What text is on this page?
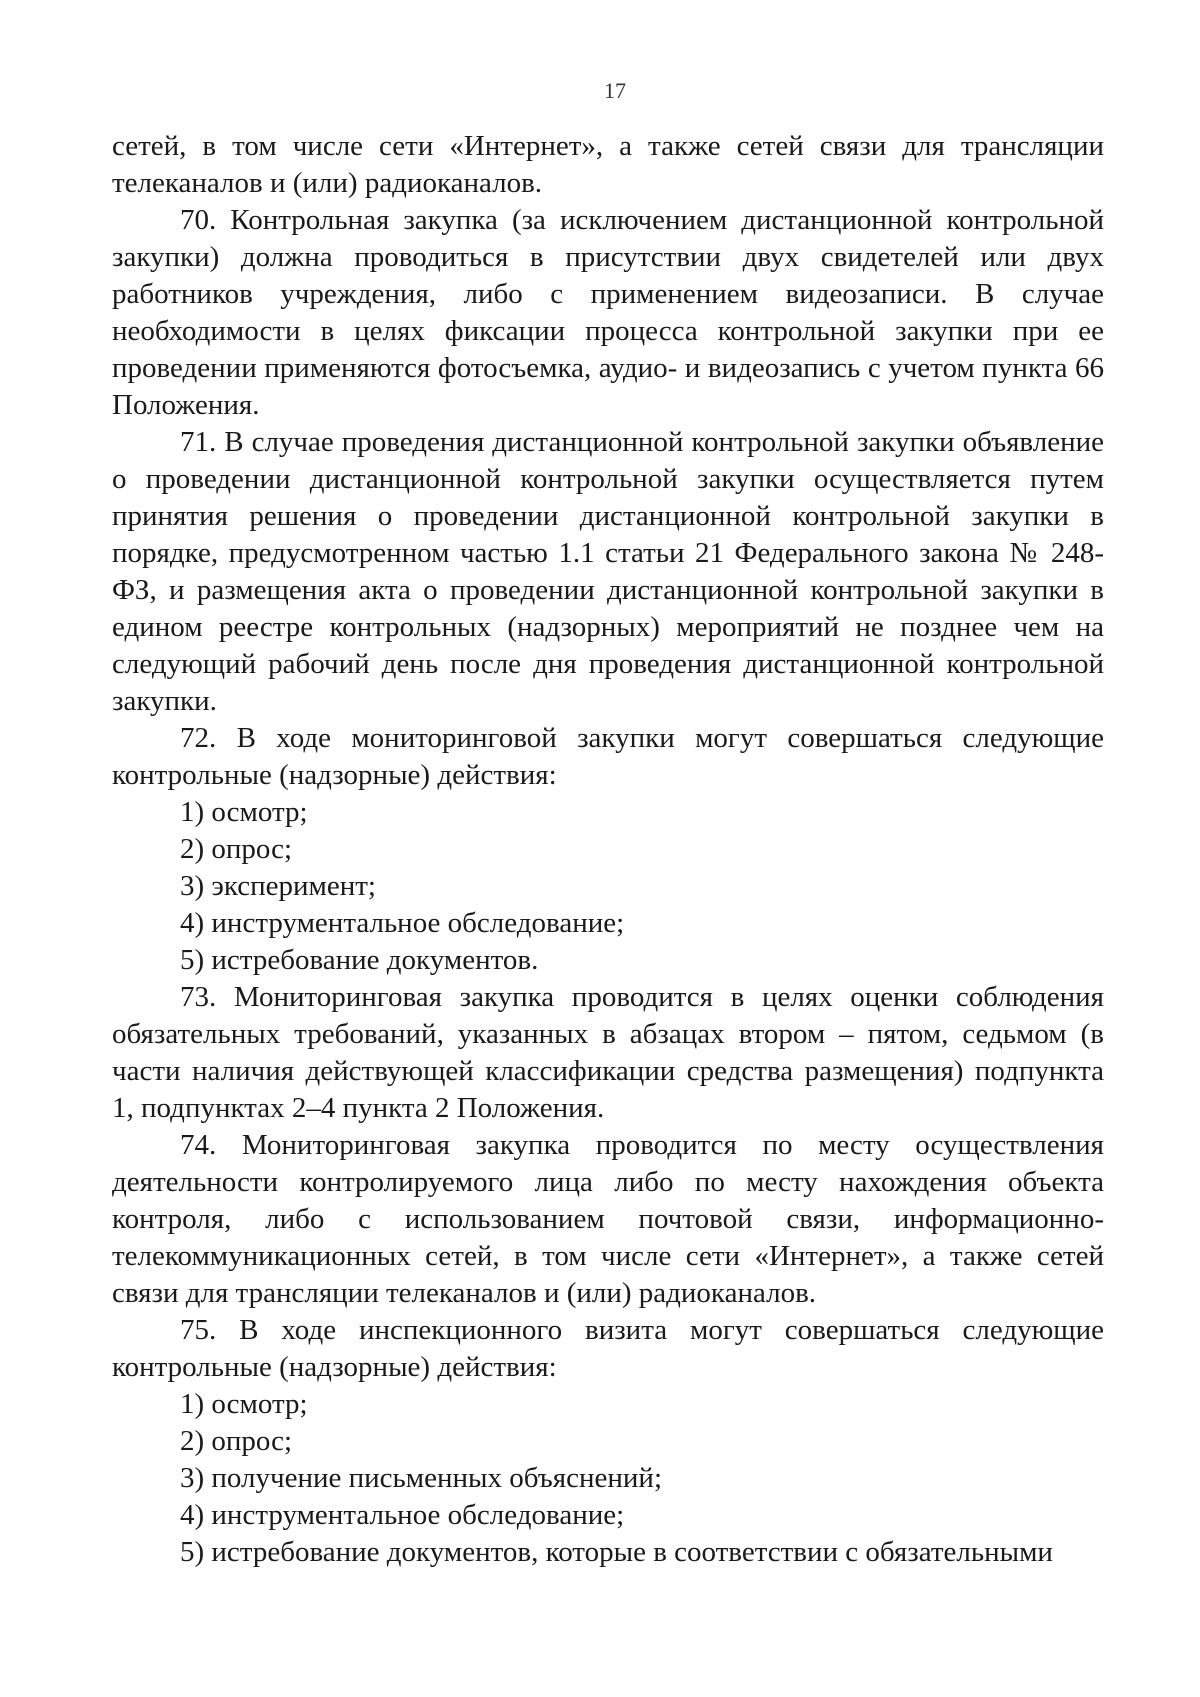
17

сетей, в том числе сети «Интернет», а также сетей связи для трансляции телеканалов и (или) радиоканалов.

70. Контрольная закупка (за исключением дистанционной контрольной закупки) должна проводиться в присутствии двух свидетелей или двух работников учреждения, либо с применением видеозаписи. В случае необходимости в целях фиксации процесса контрольной закупки при ее проведении применяются фотосъемка, аудио- и видеозапись с учетом пункта 66 Положения.

71. В случае проведения дистанционной контрольной закупки объявление о проведении дистанционной контрольной закупки осуществляется путем принятия решения о проведении дистанционной контрольной закупки в порядке, предусмотренном частью 1.1 статьи 21 Федерального закона № 248-ФЗ, и размещения акта о проведении дистанционной контрольной закупки в едином реестре контрольных (надзорных) мероприятий не позднее чем на следующий рабочий день после дня проведения дистанционной контрольной закупки.

72. В ходе мониторинговой закупки могут совершаться следующие контрольные (надзорные) действия:

1) осмотр;

2) опрос;

3) эксперимент;

4) инструментальное обследование;

5) истребование документов.

73. Мониторинговая закупка проводится в целях оценки соблюдения обязательных требований, указанных в абзацах втором – пятом, седьмом (в части наличия действующей классификации средства размещения) подпункта 1, подпунктах 2–4 пункта 2 Положения.

74. Мониторинговая закупка проводится по месту осуществления деятельности контролируемого лица либо по месту нахождения объекта контроля, либо с использованием почтовой связи, информационно-телекоммуникационных сетей, в том числе сети «Интернет», а также сетей связи для трансляции телеканалов и (или) радиоканалов.

75. В ходе инспекционного визита могут совершаться следующие контрольные (надзорные) действия:

1) осмотр;

2) опрос;

3) получение письменных объяснений;

4) инструментальное обследование;

5) истребование документов, которые в соответствии с обязательными
